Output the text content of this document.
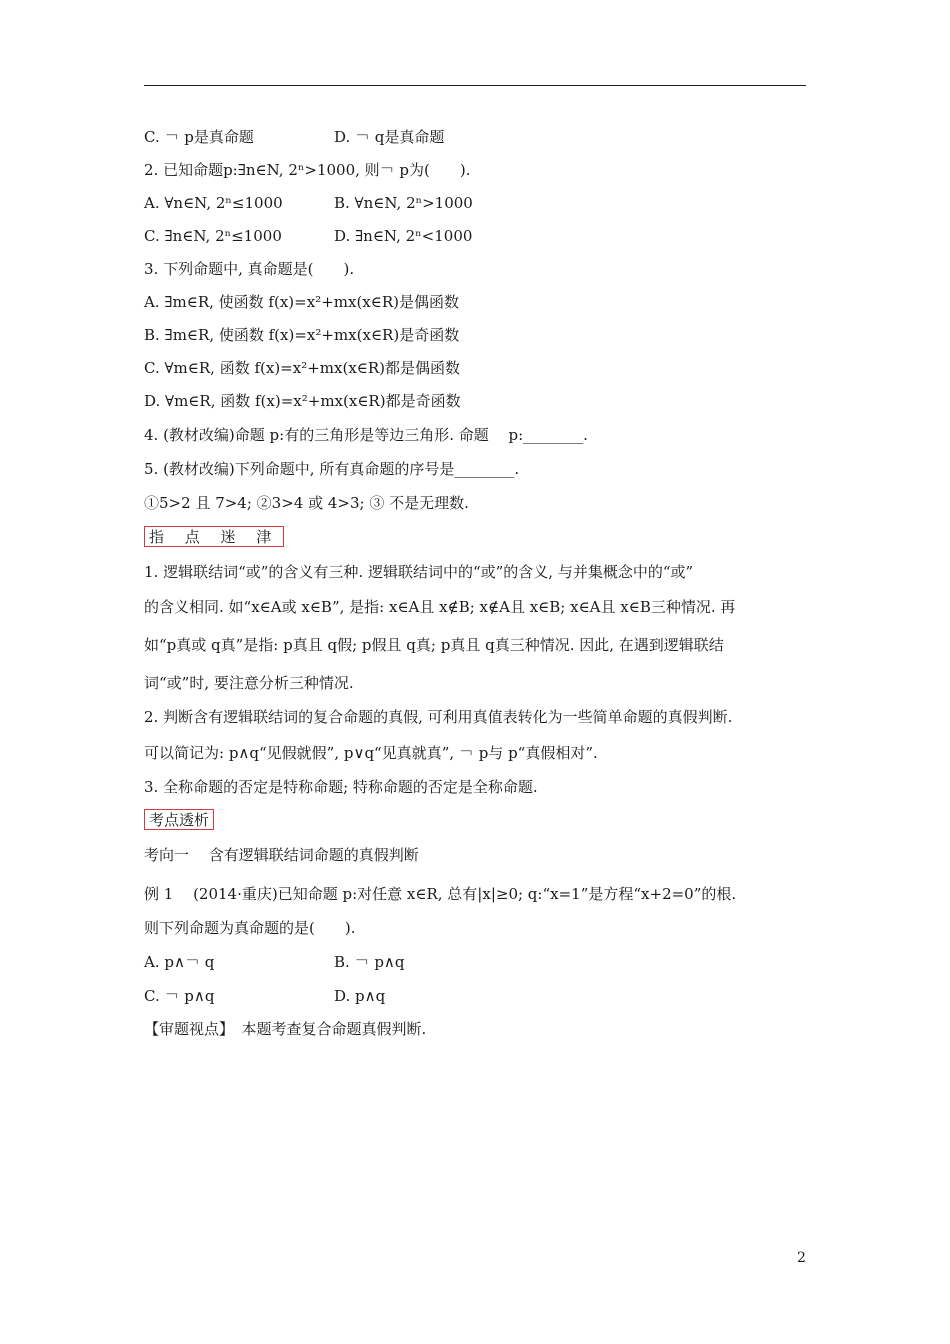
C. ￢ p是真命题	D. ￢ q是真命题
2. 已知命题p:∃n∈N, 2ⁿ>1000, 则￢ p为(　　).
A. ∀n∈N, 2ⁿ≤1000	B. ∀n∈N, 2ⁿ>1000
C. ∃n∈N, 2ⁿ≤1000	D. ∃n∈N, 2ⁿ<1000
3. 下列命题中, 真命题是(　　).
A. ∃m∈R, 使函数 f(x)=x²+mx(x∈R)是偶函数
B. ∃m∈R, 使函数 f(x)=x²+mx(x∈R)是奇函数
C. ∀m∈R, 函数 f(x)=x²+mx(x∈R)都是偶函数
D. ∀m∈R, 函数 f(x)=x²+mx(x∈R)都是奇函数
4. (教材改编)命题 p:有的三角形是等边三角形. 命题　 p:________.
5. (教材改编)下列命题中, 所有真命题的序号是________.
①5>2 且 7>4; ②3>4 或 4>3; ③ 不是无理数.
指 点 迷 津
1. 逻辑联结词“或”的含义有三种. 逻辑联结词中的“或”的含义, 与并集概念中的“或”
的含义相同. 如“x∈A或 x∈B”, 是指: x∈A且 x∉B; x∉A且 x∈B; x∈A且 x∈B三种情况. 再
如“p真或 q真”是指: p真且 q假; p假且 q真; p真且 q真三种情况. 因此, 在遇到逻辑联结
词“或”时, 要注意分析三种情况.
2. 判断含有逻辑联结词的复合命题的真假, 可利用真值表转化为一些简单命题的真假判断.
可以简记为: p∧q“见假就假”, p∨q“见真就真”, ￢ p与 p“真假相对”.
3. 全称命题的否定是特称命题; 特称命题的否定是全称命题.
考点透析
考向一　 含有逻辑联结词命题的真假判断
例 1　 (2014·重庆)已知命题 p:对任意 x∈R, 总有|x|≥0; q:“x=1”是方程“x+2=0”的根.
则下列命题为真命题的是(　　).
A. p∧￢ q	B. ￢ p∧q
C. ￢ p∧q	D. p∧q
【审题视点】　本题考查复合命题真假判断.
2
